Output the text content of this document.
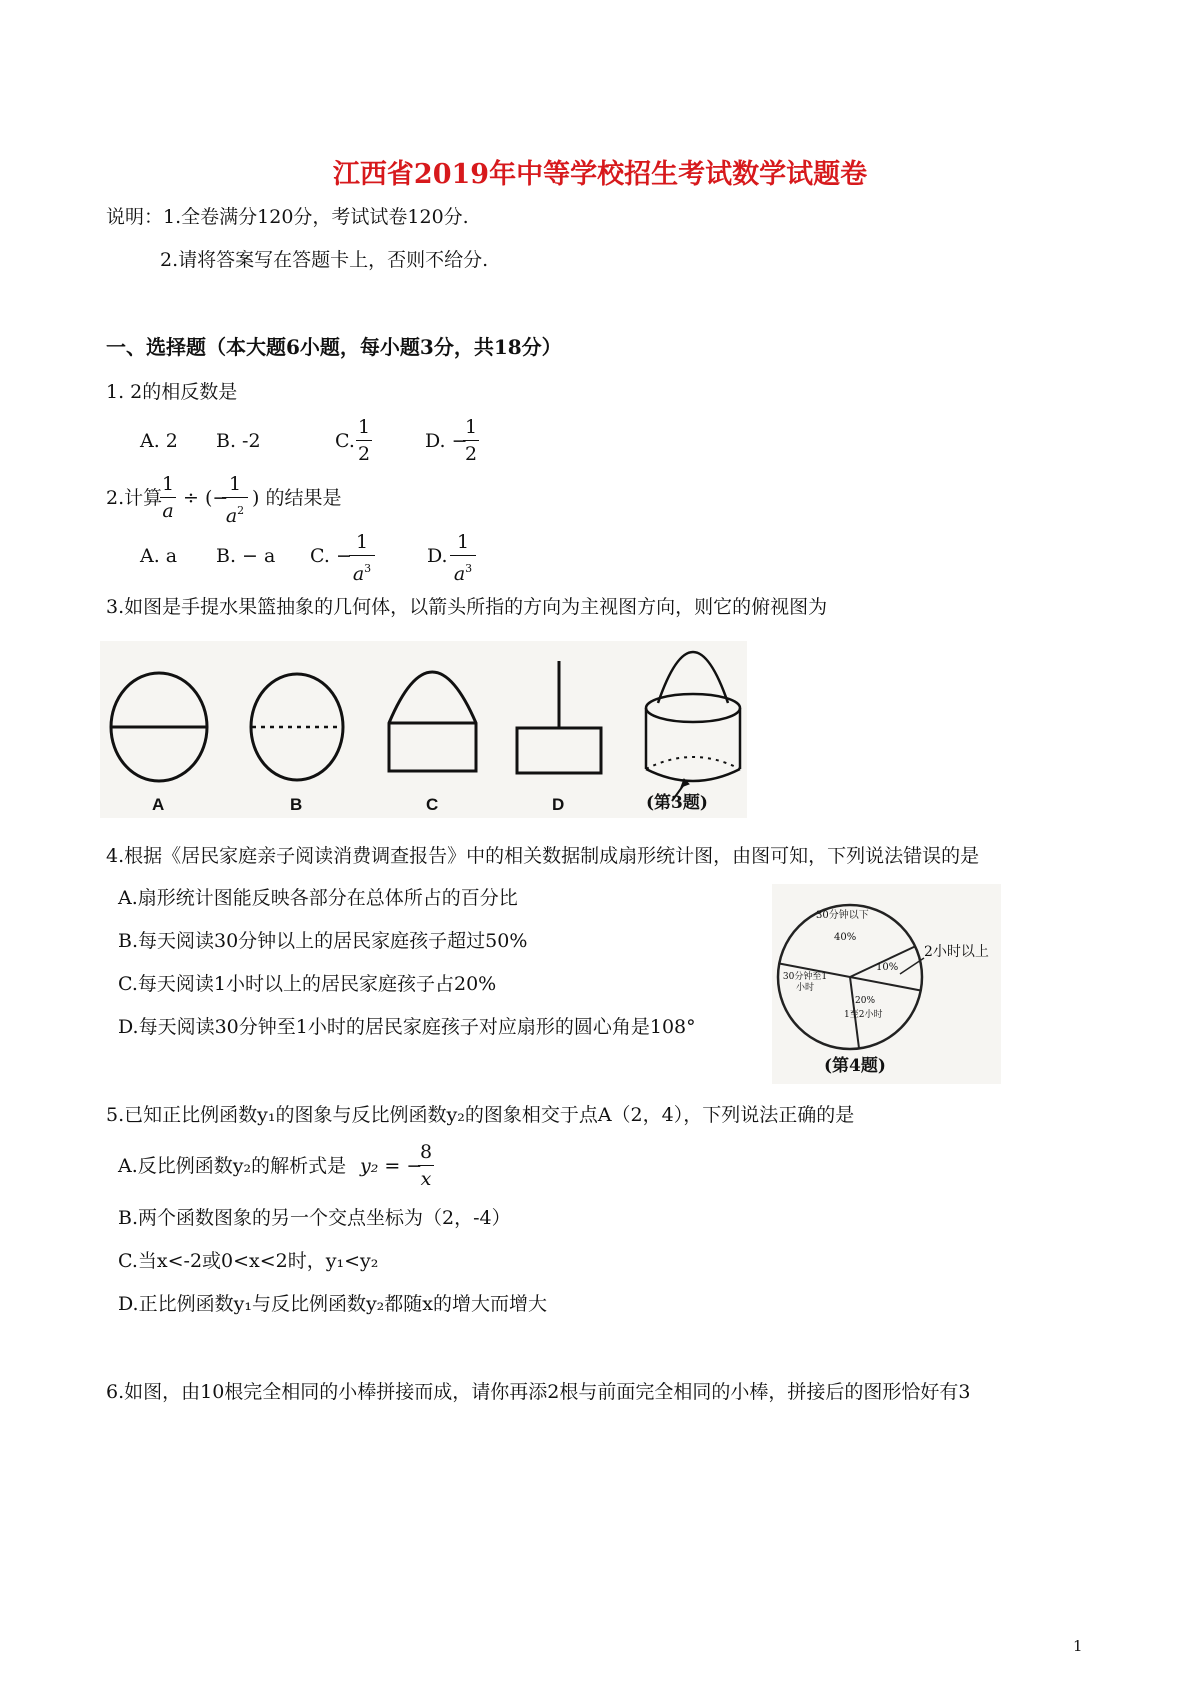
江西省2019年中等学校招生考试数学试题卷
说明：1.全卷满分120分，考试试卷120分.
2.请将答案写在答题卡上，否则不给分.
一、选择题（本大题6小题，每小题3分，共18分）
1. 2的相反数是
A. 2 B. -2	C.
1
2
D. −
1
2
2.计算
1
a
÷ (−
1
$a^2$
) 的结果是
A. a B. − a C. −
1
$a^3$
D.
1
$a^3$
3.如图是手提水果篮抽象的几何体，以箭头所指的方向为主视图方向，则它的俯视图为
A	B	C	D	(第3题)
4.根据《居民家庭亲子阅读消费调查报告》中的相关数据制成扇形统计图，由图可知，下列说法错误的是
A.扇形统计图能反映各部分在总体所占的百分比
B.每天阅读30分钟以上的居民家庭孩子超过50%
C.每天阅读1小时以上的居民家庭孩子占20%
D.每天阅读30分钟至1小时的居民家庭孩子对应扇形的圆心角是108°
30分钟以下
40%
30分钟至1小时
20%
1至2小时
10%
2小时以上
(第4题)
5.已知正比例函数y₁的图象与反比例函数y₂的图象相交于点A（2，4），下列说法正确的是
A.反比例函数y₂的解析式是 y₂ = −
8
x
B.两个函数图象的另一个交点坐标为（2，-4）
C.当x<-2或0<x<2时，y₁<y₂
D.正比例函数y₁与反比例函数y₂都随x的增大而增大
6.如图，由10根完全相同的小棒拼接而成，请你再添2根与前面完全相同的小棒，拼接后的图形恰好有3
1
